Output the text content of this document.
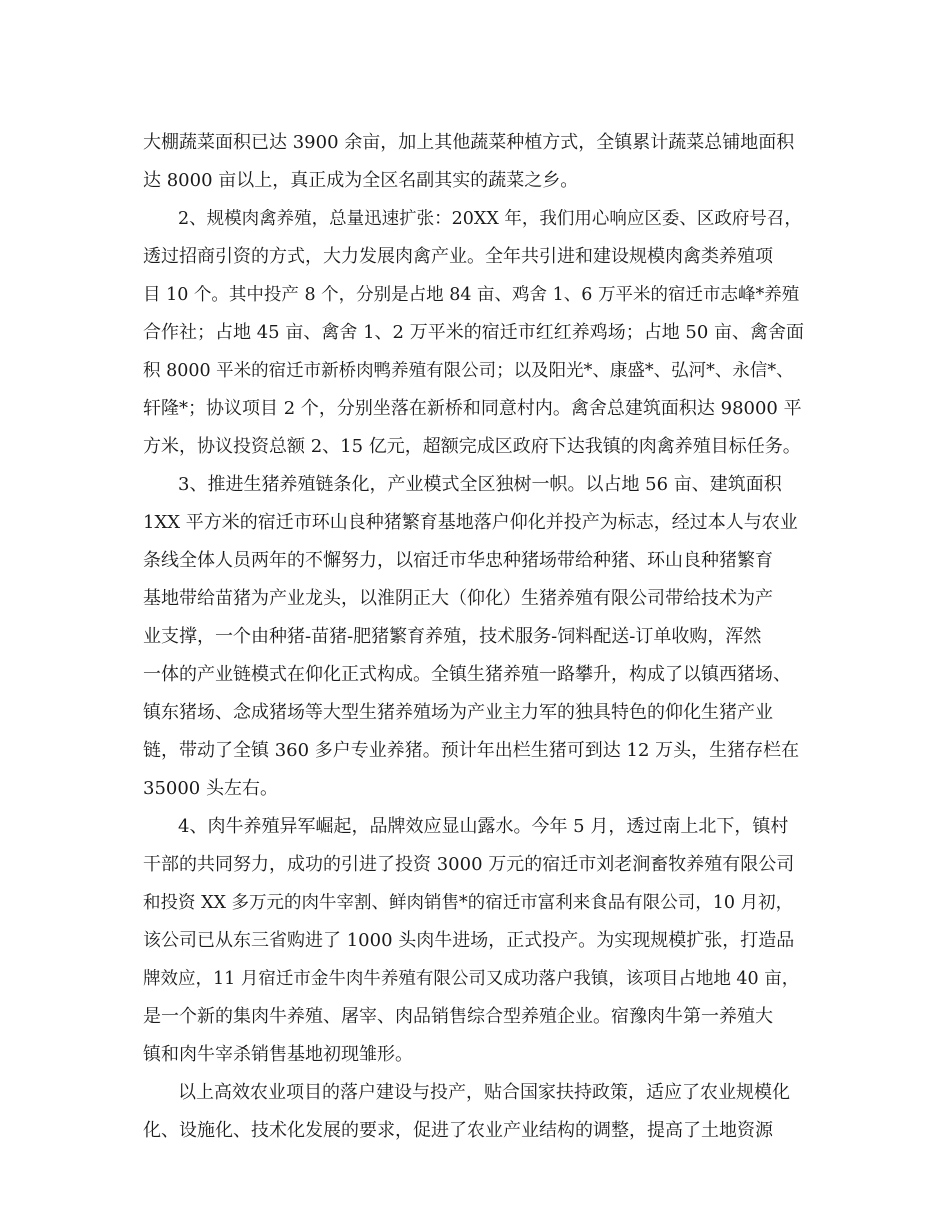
大棚蔬菜面积已达 3900 余亩，加上其他蔬菜种植方式，全镇累计蔬菜总铺地面积
达 8000 亩以上，真正成为全区名副其实的蔬菜之乡。
2、规模肉禽养殖，总量迅速扩张：20XX 年，我们用心响应区委、区政府号召，
透过招商引资的方式，大力发展肉禽产业。全年共引进和建设规模肉禽类养殖项
目 10 个。其中投产 8 个，分别是占地 84 亩、鸡舍 1、6 万平米的宿迁市志峰*养殖
合作社；占地 45 亩、禽舍 1、2 万平米的宿迁市红红养鸡场；占地 50 亩、禽舍面
积 8000 平米的宿迁市新桥肉鸭养殖有限公司；以及阳光*、康盛*、弘河*、永信*、
轩隆*；协议项目 2 个，分别坐落在新桥和同意村内。禽舍总建筑面积达 98000 平
方米，协议投资总额 2、15 亿元，超额完成区政府下达我镇的肉禽养殖目标任务。
3、推进生猪养殖链条化，产业模式全区独树一帜。以占地 56 亩、建筑面积
1XX 平方米的宿迁市环山良种猪繁育基地落户仰化并投产为标志，经过本人与农业
条线全体人员两年的不懈努力，以宿迁市华忠种猪场带给种猪、环山良种猪繁育
基地带给苗猪为产业龙头，以淮阴正大（仰化）生猪养殖有限公司带给技术为产
业支撑，一个由种猪-苗猪-肥猪繁育养殖，技术服务-饲料配送-订单收购，浑然
一体的产业链模式在仰化正式构成。全镇生猪养殖一路攀升，构成了以镇西猪场、
镇东猪场、念成猪场等大型生猪养殖场为产业主力军的独具特色的仰化生猪产业
链，带动了全镇 360 多户专业养猪。预计年出栏生猪可到达 12 万头，生猪存栏在
35000 头左右。
4、肉牛养殖异军崛起，品牌效应显山露水。今年 5 月，透过南上北下，镇村
干部的共同努力，成功的引进了投资 3000 万元的宿迁市刘老涧畜牧养殖有限公司
和投资 XX 多万元的肉牛宰割、鲜肉销售*的宿迁市富利来食品有限公司，10 月初，
该公司已从东三省购进了 1000 头肉牛进场，正式投产。为实现规模扩张，打造品
牌效应，11 月宿迁市金牛肉牛养殖有限公司又成功落户我镇，该项目占地地 40 亩，
是一个新的集肉牛养殖、屠宰、肉品销售综合型养殖企业。宿豫肉牛第一养殖大
镇和肉牛宰杀销售基地初现雏形。
以上高效农业项目的落户建设与投产，贴合国家扶持政策，适应了农业规模化
化、设施化、技术化发展的要求，促进了农业产业结构的调整，提高了土地资源
